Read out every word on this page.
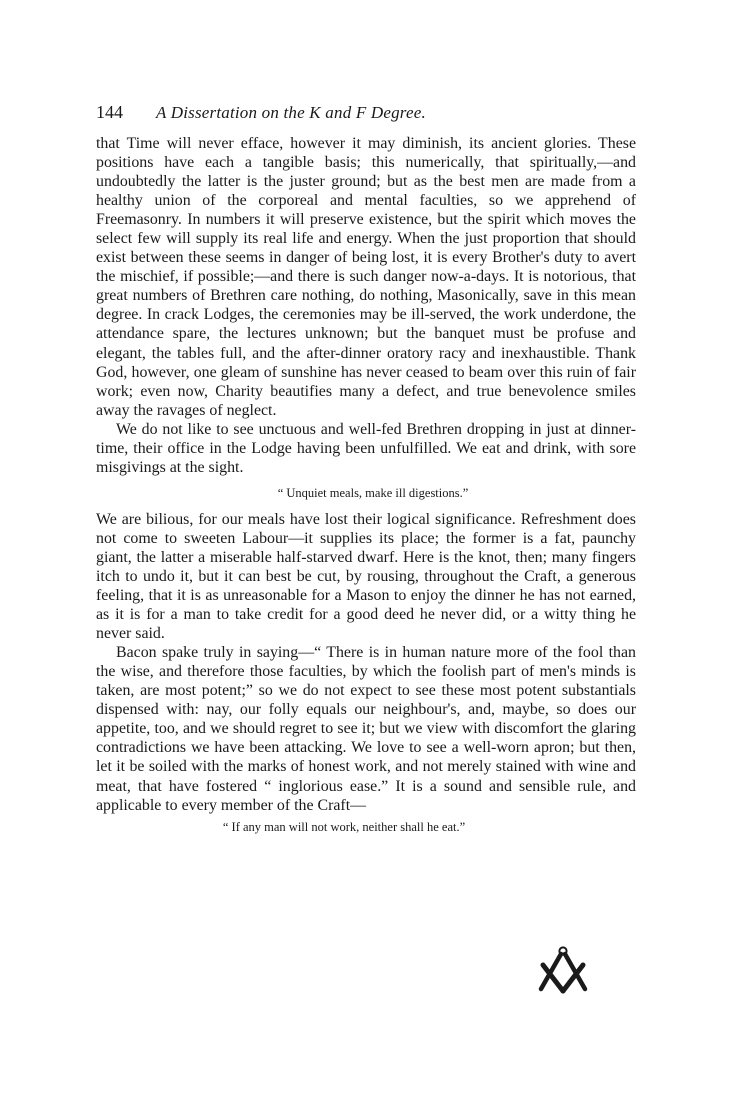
144	A Dissertation on the K and F Degree.

that Time will never efface, however it may diminish, its ancient glories. These positions have each a tangible basis; this numerically, that spiritually,—and undoubtedly the latter is the juster ground; but as the best men are made from a healthy union of the corporeal and mental faculties, so we apprehend of Freemasonry. In numbers it will preserve existence, but the spirit which moves the select few will supply its real life and energy. When the just proportion that should exist between these seems in danger of being lost, it is every Brother's duty to avert the mischief, if possible;—and there is such danger now-a-days. It is notorious, that great numbers of Brethren care nothing, do nothing, Masonically, save in this mean degree. In crack Lodges, the ceremonies may be ill-served, the work underdone, the attendance spare, the lectures unknown; but the banquet must be profuse and elegant, the tables full, and the after-dinner oratory racy and inexhaustible. Thank God, however, one gleam of sunshine has never ceased to beam over this ruin of fair work; even now, Charity beautifies many a defect, and true benevolence smiles away the ravages of neglect.

We do not like to see unctuous and well-fed Brethren dropping in just at dinner-time, their office in the Lodge having been unfulfilled. We eat and drink, with sore misgivings at the sight.

“ Unquiet meals, make ill digestions.”

We are bilious, for our meals have lost their logical significance. Refreshment does not come to sweeten Labour—it supplies its place; the former is a fat, paunchy giant, the latter a miserable half-starved dwarf. Here is the knot, then; many fingers itch to undo it, but it can best be cut, by rousing, throughout the Craft, a generous feeling, that it is as unreasonable for a Mason to enjoy the dinner he has not earned, as it is for a man to take credit for a good deed he never did, or a witty thing he never said.

Bacon spake truly in saying—“ There is in human nature more of the fool than the wise, and therefore those faculties, by which the foolish part of men's minds is taken, are most potent;” so we do not expect to see these most potent substantials dispensed with: nay, our folly equals our neighbour's, and, maybe, so does our appetite, too, and we should regret to see it; but we view with discomfort the glaring contradictions we have been attacking. We love to see a well-worn apron; but then, let it be soiled with the marks of honest work, and not merely stained with wine and meat, that have fostered “ inglorious ease.” It is a sound and sensible rule, and applicable to every member of the Craft—

“ If any man will not work, neither shall he eat.”
